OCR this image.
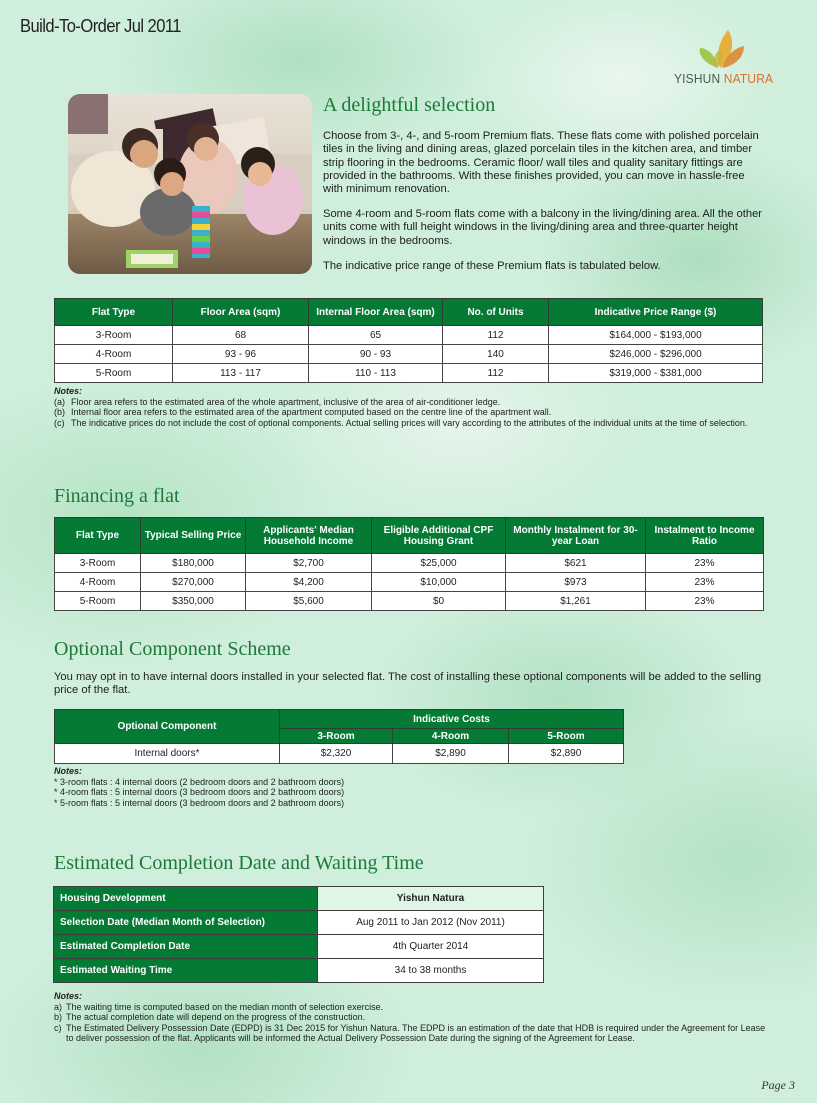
Build-To-Order Jul 2011
YISHUN NATURA
A delightful selection
Choose from 3-, 4-, and 5-room Premium flats. These flats come with polished porcelain tiles in the living and dining areas, glazed porcelain tiles in the kitchen area, and timber strip flooring in the bedrooms. Ceramic floor/ wall tiles and quality sanitary fittings are provided in the bathrooms. With these finishes provided, you can move in hassle-free with minimum renovation.
Some 4-room and 5-room flats come with a balcony in the living/dining area. All the other units come with full height windows in the living/dining area and three-quarter height windows in the bedrooms.
The indicative price range of these Premium flats is tabulated below.
Flat Type	Floor Area (sqm)	Internal Floor Area (sqm)	No. of Units	Indicative Price Range ($)
3-Room	68	65	112	$164,000 - $193,000
4-Room	93 - 96	90 - 93	140	$246,000 - $296,000
5-Room	113 - 117	110 - 113	112	$319,000 - $381,000
Notes:
(a) Floor area refers to the estimated area of the whole apartment, inclusive of the area of air-conditioner ledge.
(b) Internal floor area refers to the estimated area of the apartment computed based on the centre line of the apartment wall.
(c) The indicative prices do not include the cost of optional components. Actual selling prices will vary according to the attributes of the individual units at the time of selection.
Financing a flat
Flat Type	Typical Selling Price	Applicants' Median Household Income	Eligible Additional CPF Housing Grant	Monthly Instalment for 30-year Loan	Instalment to Income Ratio
3-Room	$180,000	$2,700	$25,000	$621	23%
4-Room	$270,000	$4,200	$10,000	$973	23%
5-Room	$350,000	$5,600	$0	$1,261	23%
Optional Component Scheme
You may opt in to have internal doors installed in your selected flat. The cost of installing these optional components will be added to the selling price of the flat.
Optional Component	Indicative Costs		
	3-Room	4-Room	5-Room
Internal doors*	$2,320	$2,890	$2,890
Notes:
* 3-room flats : 4 internal doors (2 bedroom doors and 2 bathroom doors)
* 4-room flats : 5 internal doors (3 bedroom doors and 2 bathroom doors)
* 5-room flats : 5 internal doors (3 bedroom doors and 2 bathroom doors)
Estimated Completion Date and Waiting Time
Housing Development	Yishun Natura
Selection Date (Median Month of Selection)	Aug 2011 to Jan 2012 (Nov 2011)
Estimated Completion Date	4th Quarter 2014
Estimated Waiting Time	34 to 38 months
Notes:
a) The waiting time is computed based on the median month of selection exercise.
b) The actual completion date will depend on the progress of the construction.
c) The Estimated Delivery Possession Date (EDPD) is 31 Dec 2015 for Yishun Natura. The EDPD is an estimation of the date that HDB is required under the Agreement for Lease to deliver possession of the flat. Applicants will be informed the Actual Delivery Possession Date during the signing of the Agreement for Lease.
Page 3
